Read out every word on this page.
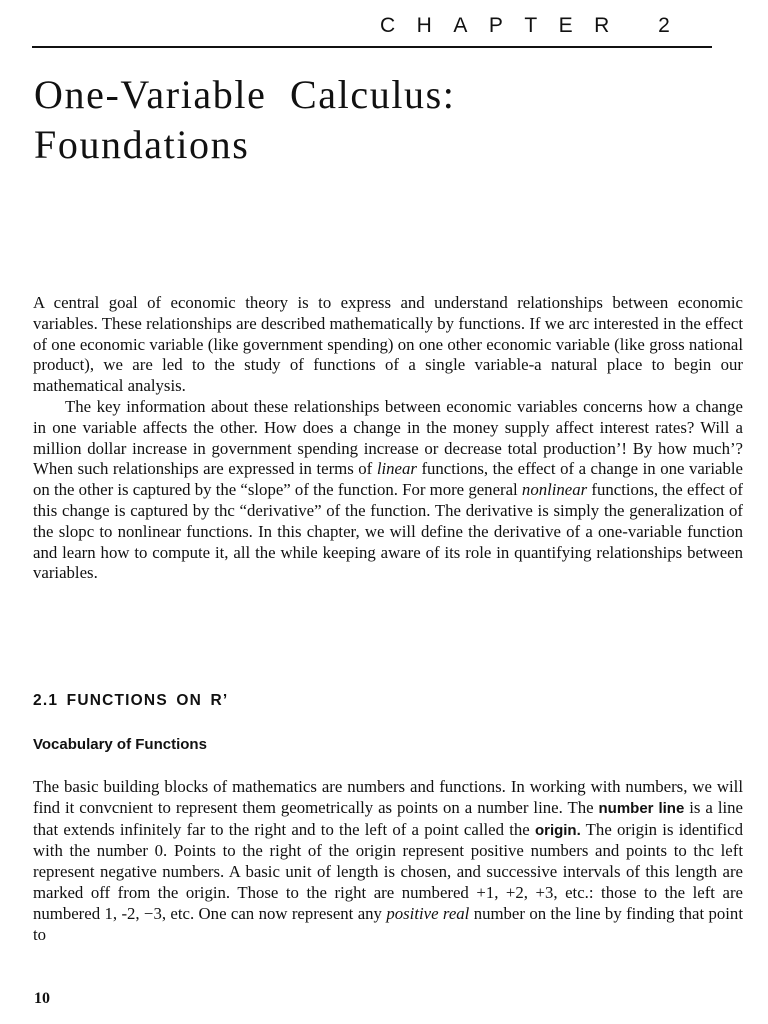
CHAPTER 2
One-Variable Calculus:
Foundations

A central goal of economic theory is to express and understand relationships between economic variables. These relationships are described mathematically by functions. If we arc interested in the effect of one economic variable (like government spending) on one other economic variable (like gross national product), we are led to the study of functions of a single variable-a natural place to begin our mathematical analysis.

The key information about these relationships between economic variables concerns how a change in one variable affects the other. How does a change in the money supply affect interest rates? Will a million dollar increase in government spending increase or decrease total production’! By how much’? When such relationships are expressed in terms of linear functions, the effect of a change in one variable on the other is captured by the “slope” of the function. For more general nonlinear functions, the effect of this change is captured by thc “derivative” of the function. The derivative is simply the generalization of the slopc to nonlinear functions. In this chapter, we will define the derivative of a one-variable function and learn how to compute it, all the while keeping aware of its role in quantifying relationships between variables.

2.1 FUNCTIONS ON R’
Vocabulary of Functions

The basic building blocks of mathematics are numbers and functions. In working with numbers, we will find it convcnient to represent them geometrically as points on a number line. The number line is a line that extends infinitely far to the right and to the left of a point called the origin. The origin is identificd with the number 0. Points to the right of the origin represent positive numbers and points to thc left represent negative numbers. A basic unit of length is chosen, and successive intervals of this length are marked off from the origin. Those to the right are numbered +1, +2, +3, etc.: those to the left are numbered 1, -2, −3, etc. One can now represent any positive real number on the line by finding that point to

10
